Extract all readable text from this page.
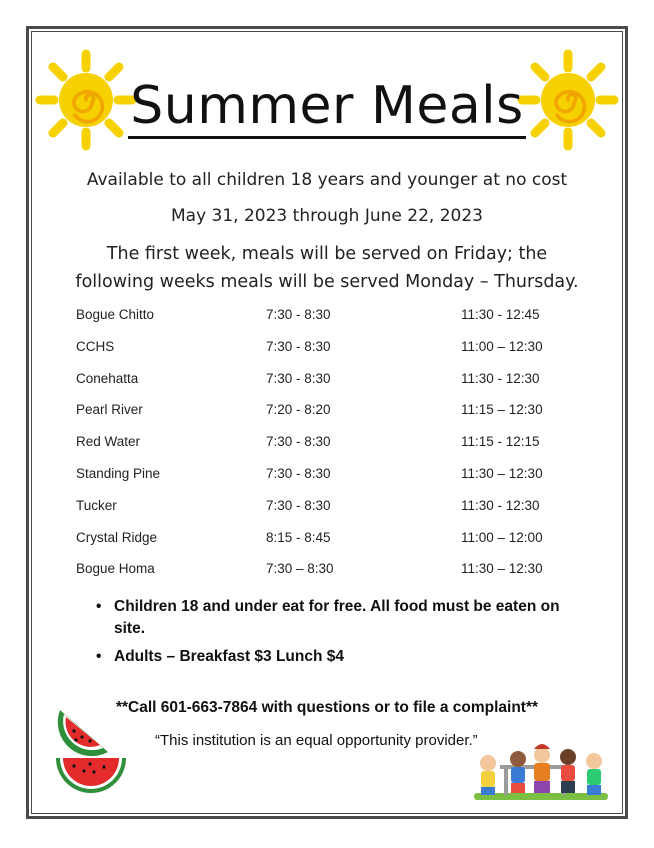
Summer Meals
Available to all children 18 years and younger at no cost
May 31, 2023 through June 22, 2023
The first week, meals will be served on Friday; the
following weeks meals will be served Monday – Thursday.
Bogue Chitto	7:30 - 8:30	11:30 - 12:45
CCHS	7:30 - 8:30	11:00 – 12:30
Conehatta	7:30 - 8:30	11:30 - 12:30
Pearl River	7:20 - 8:20	11:15 – 12:30
Red Water	7:30 - 8:30	11:15 - 12:15
Standing Pine	7:30 - 8:30	11:30 – 12:30
Tucker	7:30 - 8:30	11:30 - 12:30
Crystal Ridge	8:15 - 8:45	11:00 – 12:00
Bogue Homa	7:30 – 8:30	11:30 – 12:30
• Children 18 and under eat for free. All food must be eaten on site.
• Adults – Breakfast $3 Lunch $4
**Call 601-663-7864 with questions or to file a complaint**
“This institution is an equal opportunity provider.”
